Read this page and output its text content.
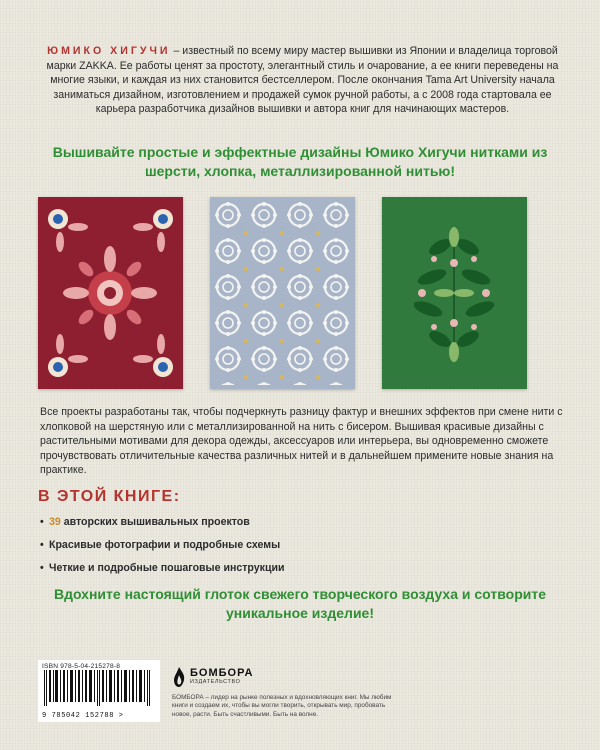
ЮМИКО ХИГУЧИ – известный по всему миру мастер вышивки из Японии и владелица торговой марки ZAKKA. Ее работы ценят за простоту, элегантный стиль и очарование, а ее книги переведены на многие языки, и каждая из них становится бестселлером. После окончания Tama Art University начала заниматься дизайном, изготовлением и продажей сумок ручной работы, а с 2008 года стартовала ее карьера разработчика дизайнов вышивки и автора книг для начинающих мастеров.
Вышивайте простые и эффектные дизайны Юмико Хигучи нитками из шерсти, хлопка, металлизированной нитью!
Все проекты разработаны так, чтобы подчеркнуть разницу фактур и внешних эффектов при смене нити с хлопковой на шерстяную или с металлизированной на нить с бисером. Вышивая красивые дизайны с растительными мотивами для декора одежды, аксессуаров или интерьера, вы одновременно сможете прочувствовать отличительные качества различных нитей и в дальнейшем примените новые знания на практике.
В ЭТОЙ КНИГЕ:
• 39 авторских вышивальных проектов
• Красивые фотографии и подробные схемы
• Четкие и подробные пошаговые инструкции
Вдохните настоящий глоток свежего творческого воздуха и сотворите уникальное изделие!
ISBN 978-5-04-215278-8
9 785042 152788 >
БОМБОРА
ИЗДАТЕЛЬСТВО
БОМБОРА – лидер на рынке полезных и вдохновляющих книг. Мы любим книги и создаем их, чтобы вы могли творить, открывать мир, пробовать новое, расти. Быть счастливыми. Быть на волне.
